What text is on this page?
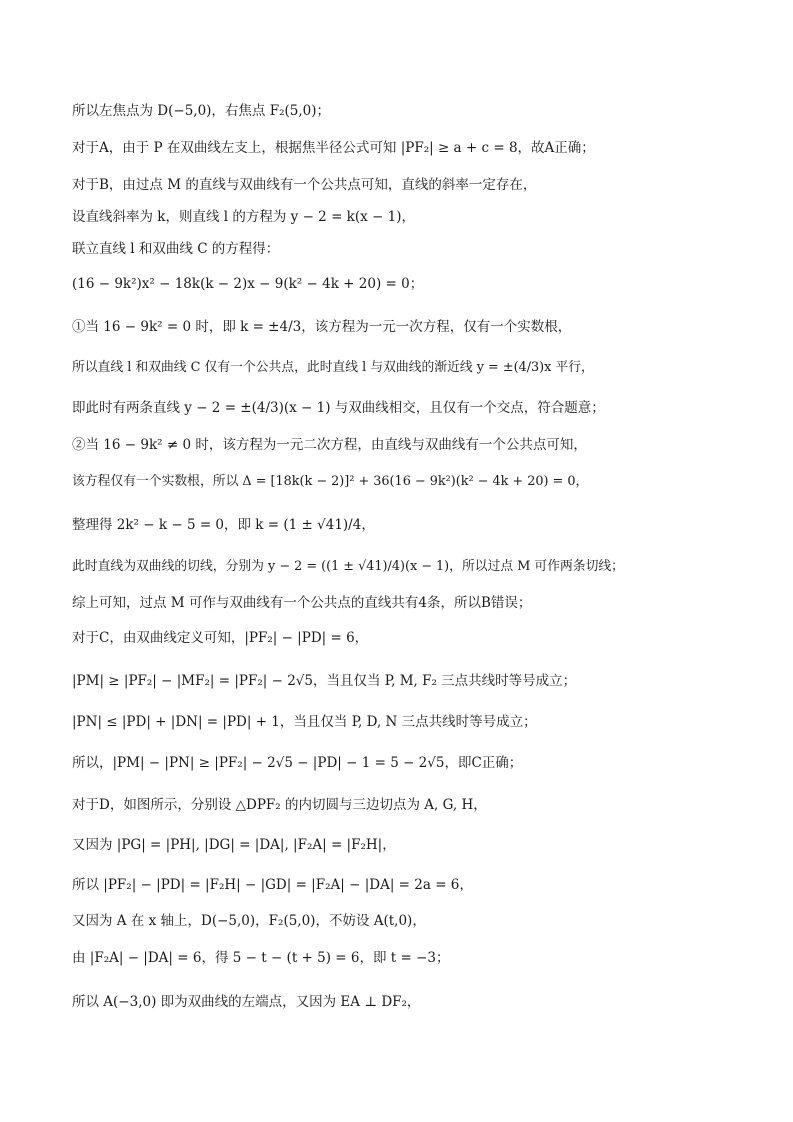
所以左焦点为 D(−5,0)，右焦点 F₂(5,0)；
对于A，由于 P 在双曲线左支上，根据焦半径公式可知 |PF₂| ≥ a + c = 8，故A正确；
对于B，由过点 M 的直线与双曲线有一个公共点可知，直线的斜率一定存在，
设直线斜率为 k，则直线 l 的方程为 y − 2 = k(x − 1)，
联立直线 l 和双曲线 C 的方程得：
(16 − 9k²)x² − 18k(k − 2)x − 9(k² − 4k + 20) = 0；
①当 16 − 9k² = 0 时，即 k = ±4/3，该方程为一元一次方程，仅有一个实数根，
所以直线 l 和双曲线 C 仅有一个公共点，此时直线 l 与双曲线的渐近线 y = ±(4/3)x 平行，
即此时有两条直线 y − 2 = ±(4/3)(x − 1) 与双曲线相交，且仅有一个交点，符合题意；
②当 16 − 9k² ≠ 0 时，该方程为一元二次方程，由直线与双曲线有一个公共点可知，
该方程仅有一个实数根，所以 Δ = [18k(k − 2)]² + 36(16 − 9k²)(k² − 4k + 20) = 0，
整理得 2k² − k − 5 = 0，即 k = (1 ± √41)/4，
此时直线为双曲线的切线，分别为 y − 2 = ((1 ± √41)/4)(x − 1)，所以过点 M 可作两条切线；
综上可知，过点 M 可作与双曲线有一个公共点的直线共有4条，所以B错误；
对于C，由双曲线定义可知，|PF₂| − |PD| = 6，
|PM| ≥ |PF₂| − |MF₂| = |PF₂| − 2√5，当且仅当 P, M, F₂ 三点共线时等号成立；
|PN| ≤ |PD| + |DN| = |PD| + 1，当且仅当 P, D, N 三点共线时等号成立；
所以，|PM| − |PN| ≥ |PF₂| − 2√5 − |PD| − 1 = 5 − 2√5，即C正确；
对于D，如图所示，分别设 △DPF₂ 的内切圆与三边切点为 A, G, H，
又因为 |PG| = |PH|, |DG| = |DA|, |F₂A| = |F₂H|，
所以 |PF₂| − |PD| = |F₂H| − |GD| = |F₂A| − |DA| = 2a = 6，
又因为 A 在 x 轴上，D(−5,0)，F₂(5,0)，不妨设 A(t,0)，
由 |F₂A| − |DA| = 6，得 5 − t − (t + 5) = 6，即 t = −3；
所以 A(−3,0) 即为双曲线的左端点，又因为 EA ⊥ DF₂，
